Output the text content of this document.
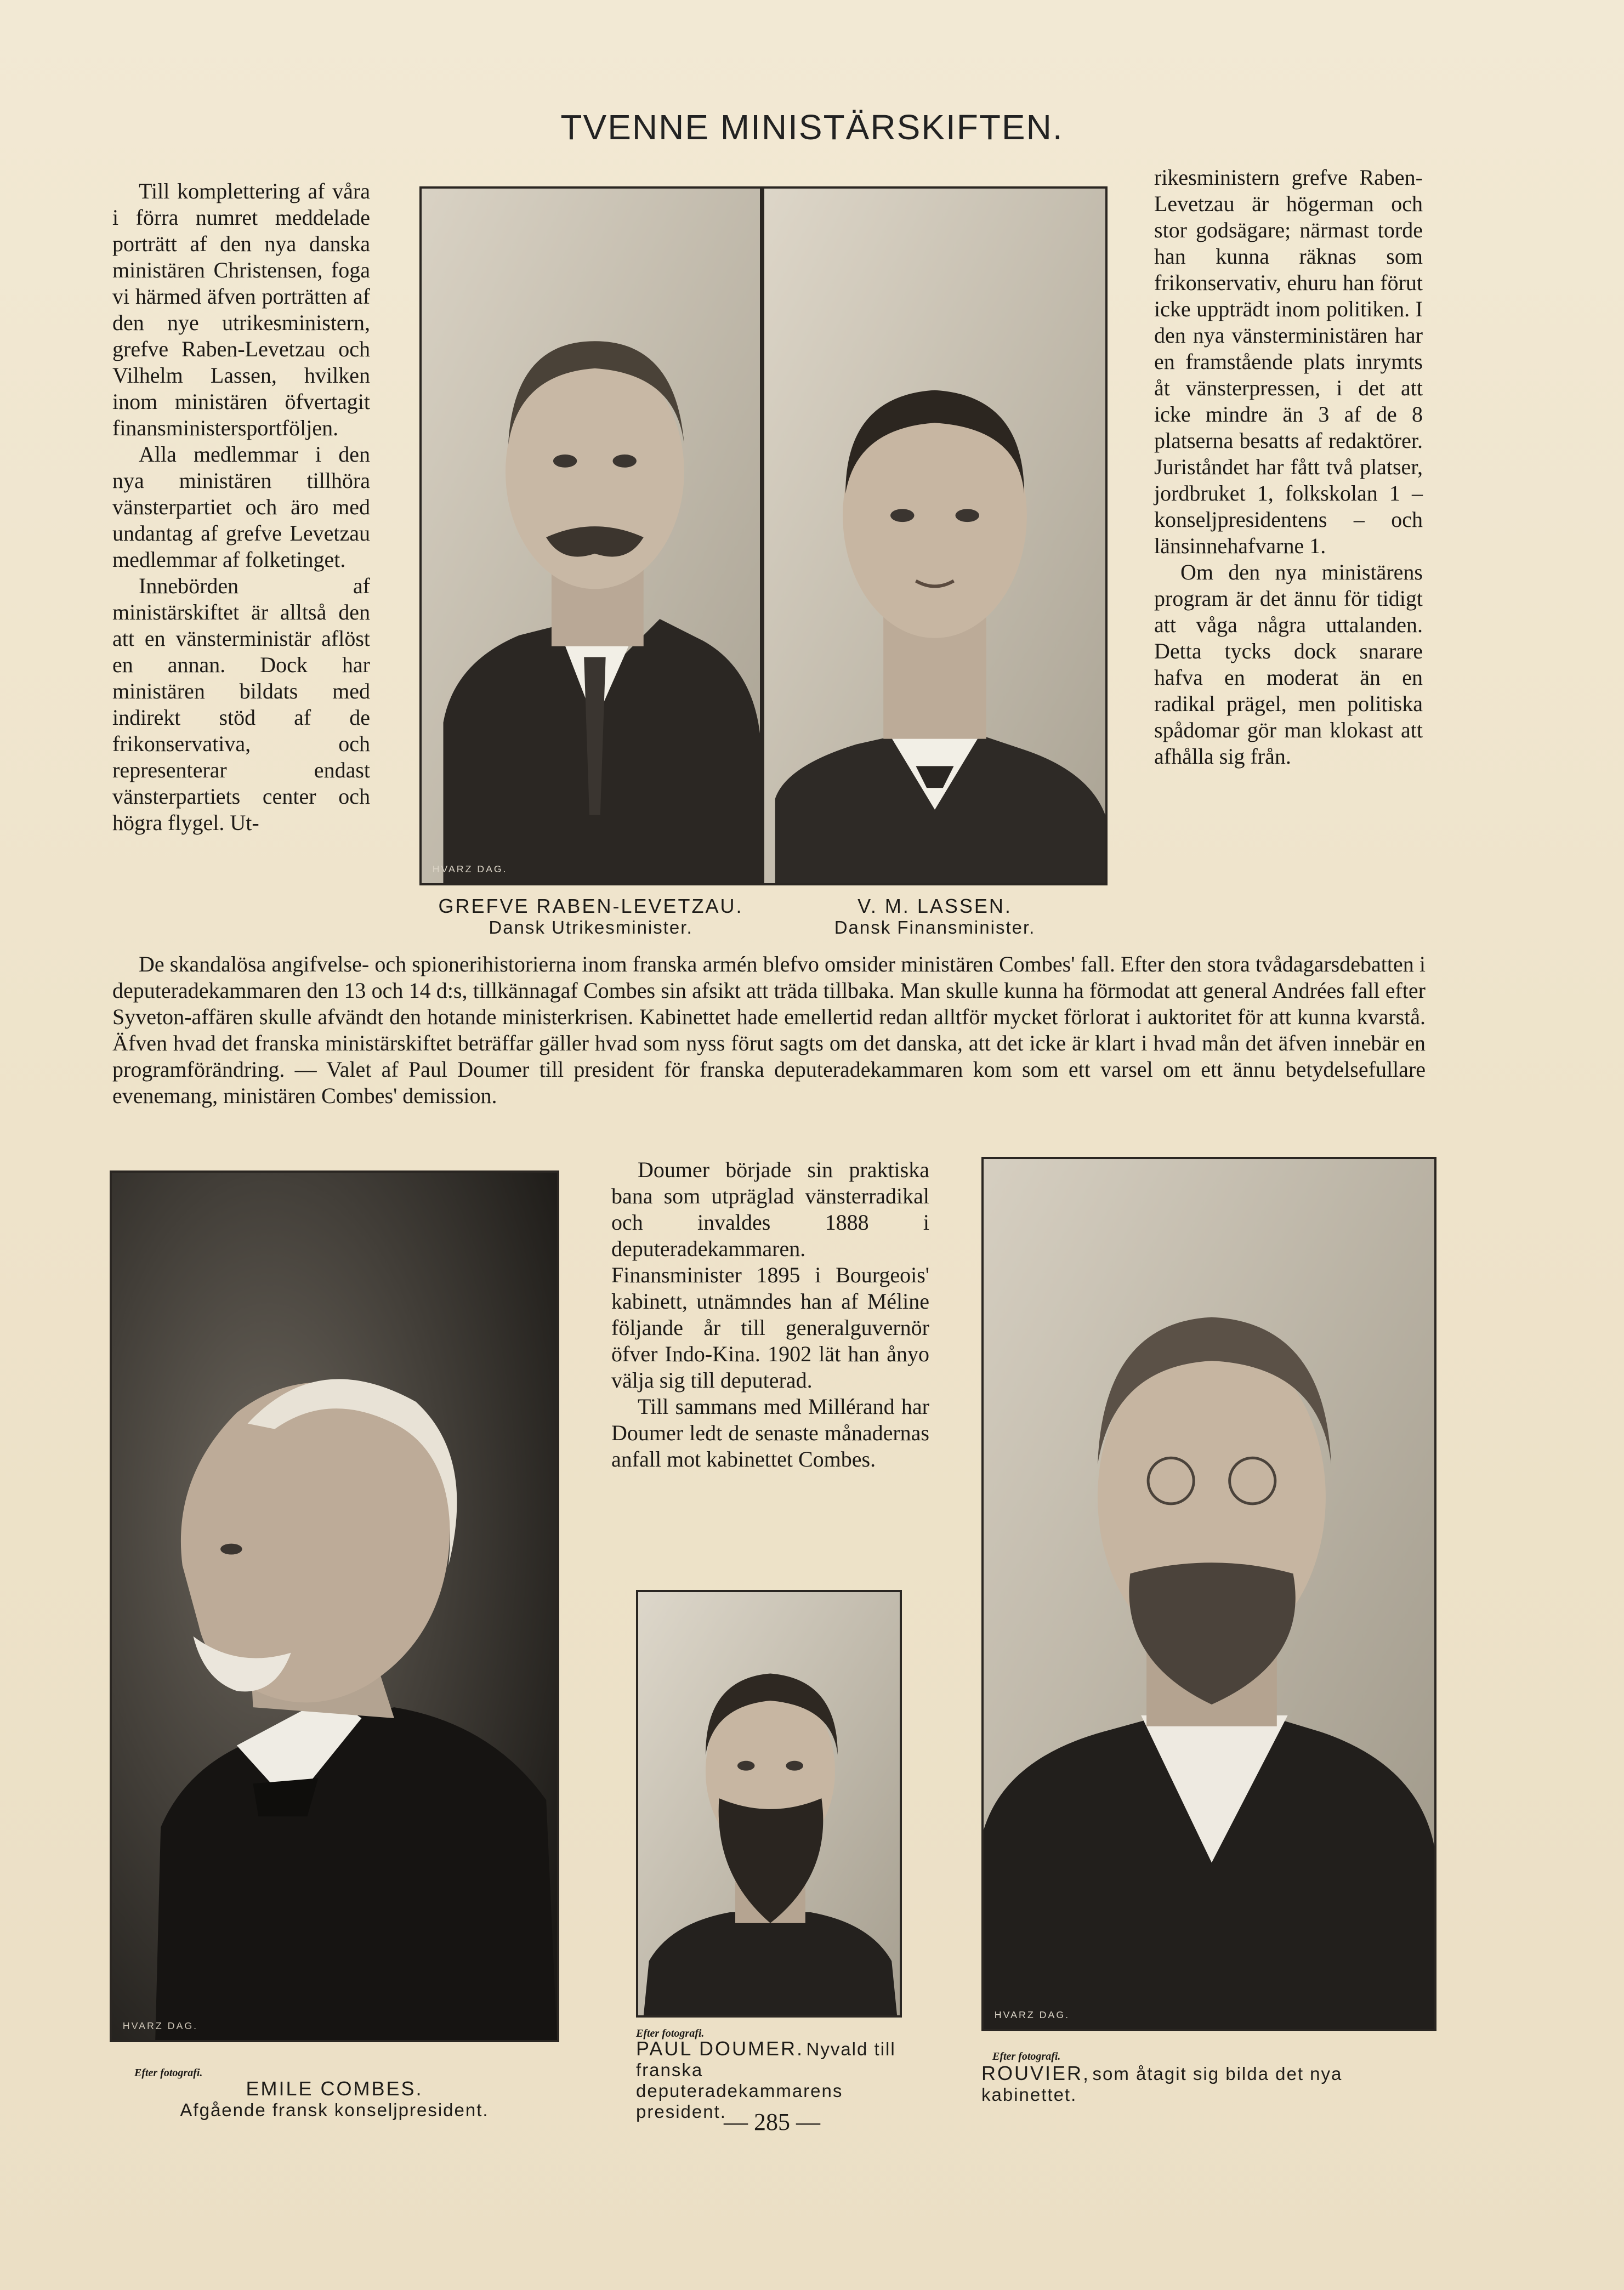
TVENNE MINISTÄRSKIFTEN.

Till komplettering af våra i förra numret meddelade porträtt af den nya danska ministären Christensen, foga vi härmed äfven porträtten af den nye utrikesministern, grefve Raben-Levetzau och Vilhelm Lassen, hvilken inom ministären öfvertagit finansministersportföljen.

Alla medlemmar i den nya ministären tillhöra vänsterpartiet och äro med undantag af grefve Levetzau medlemmar af folketinget.

Innebörden af ministärskiftet är alltså den att en vänsterministär aflöst en annan. Dock har ministären bildats med indirekt stöd af de frikonservativa, och representerar endast vänsterpartiets center och högra flygel. Ut-

HVARZ DAG.
GREFVE RABEN-LEVETZAU.
Dansk Utrikesminister.
V. M. LASSEN.
Dansk Finansminister.

rikesministern grefve Raben-Levetzau är högerman och stor godsägare; närmast torde han kunna räknas som frikonservativ, ehuru han förut icke uppträdt inom politiken. I den nya vänsterministären har en framstående plats inrymts åt vänsterpressen, i det att icke mindre än 3 af de 8 platserna besatts af redaktörer. Juriståndet har fått två platser, jordbruket 1, folkskolan 1 – konseljpresidentens – och länsinnehafvarne 1.

Om den nya ministärens program är det ännu för tidigt att våga några uttalanden. Detta tycks dock snarare hafva en moderat än en radikal prägel, men politiska spådomar gör man klokast att afhålla sig från.

De skandalösa angifvelse- och spionerihistorierna inom franska armén blefvo omsider ministären Combes' fall. Efter den stora tvådagarsdebatten i deputeradekammaren den 13 och 14 d:s, tillkännagaf Combes sin afsikt att träda tillbaka. Man skulle kunna ha förmodat att general Andrées fall efter Syveton-affären skulle afvändt den hotande ministerkrisen. Kabinettet hade emellertid redan alltför mycket förlorat i auktoritet för att kunna kvarstå. Äfven hvad det franska ministärskiftet beträffar gäller hvad som nyss förut sagts om det danska, att det icke är klart i hvad mån det äfven innebär en programförändring. — Valet af Paul Doumer till president för franska deputeradekammaren kom som ett varsel om ett ännu betydelsefullare evenemang, ministären Combes' demission.

HVARZ DAG.
Efter fotografi.
EMILE COMBES.
Afgående fransk konseljpresident.

Doumer började sin praktiska bana som utpräglad vänsterradikal och invaldes 1888 i deputeradekammaren. Finansminister 1895 i Bourgeois' kabinett, utnämndes han af Méline följande år till generalguvernör öfver Indo-Kina. 1902 lät han ånyo välja sig till deputerad.

Till sammans med Millérand har Doumer ledt de senaste månadernas anfall mot kabinettet Combes.

Efter fotografi.
PAUL DOUMER. Nyvald till franska deputeradekammarens president.
HVARZ DAG.
Efter fotografi.
ROUVIER, som åtagit sig bilda det nya kabinettet.
— 285 —
